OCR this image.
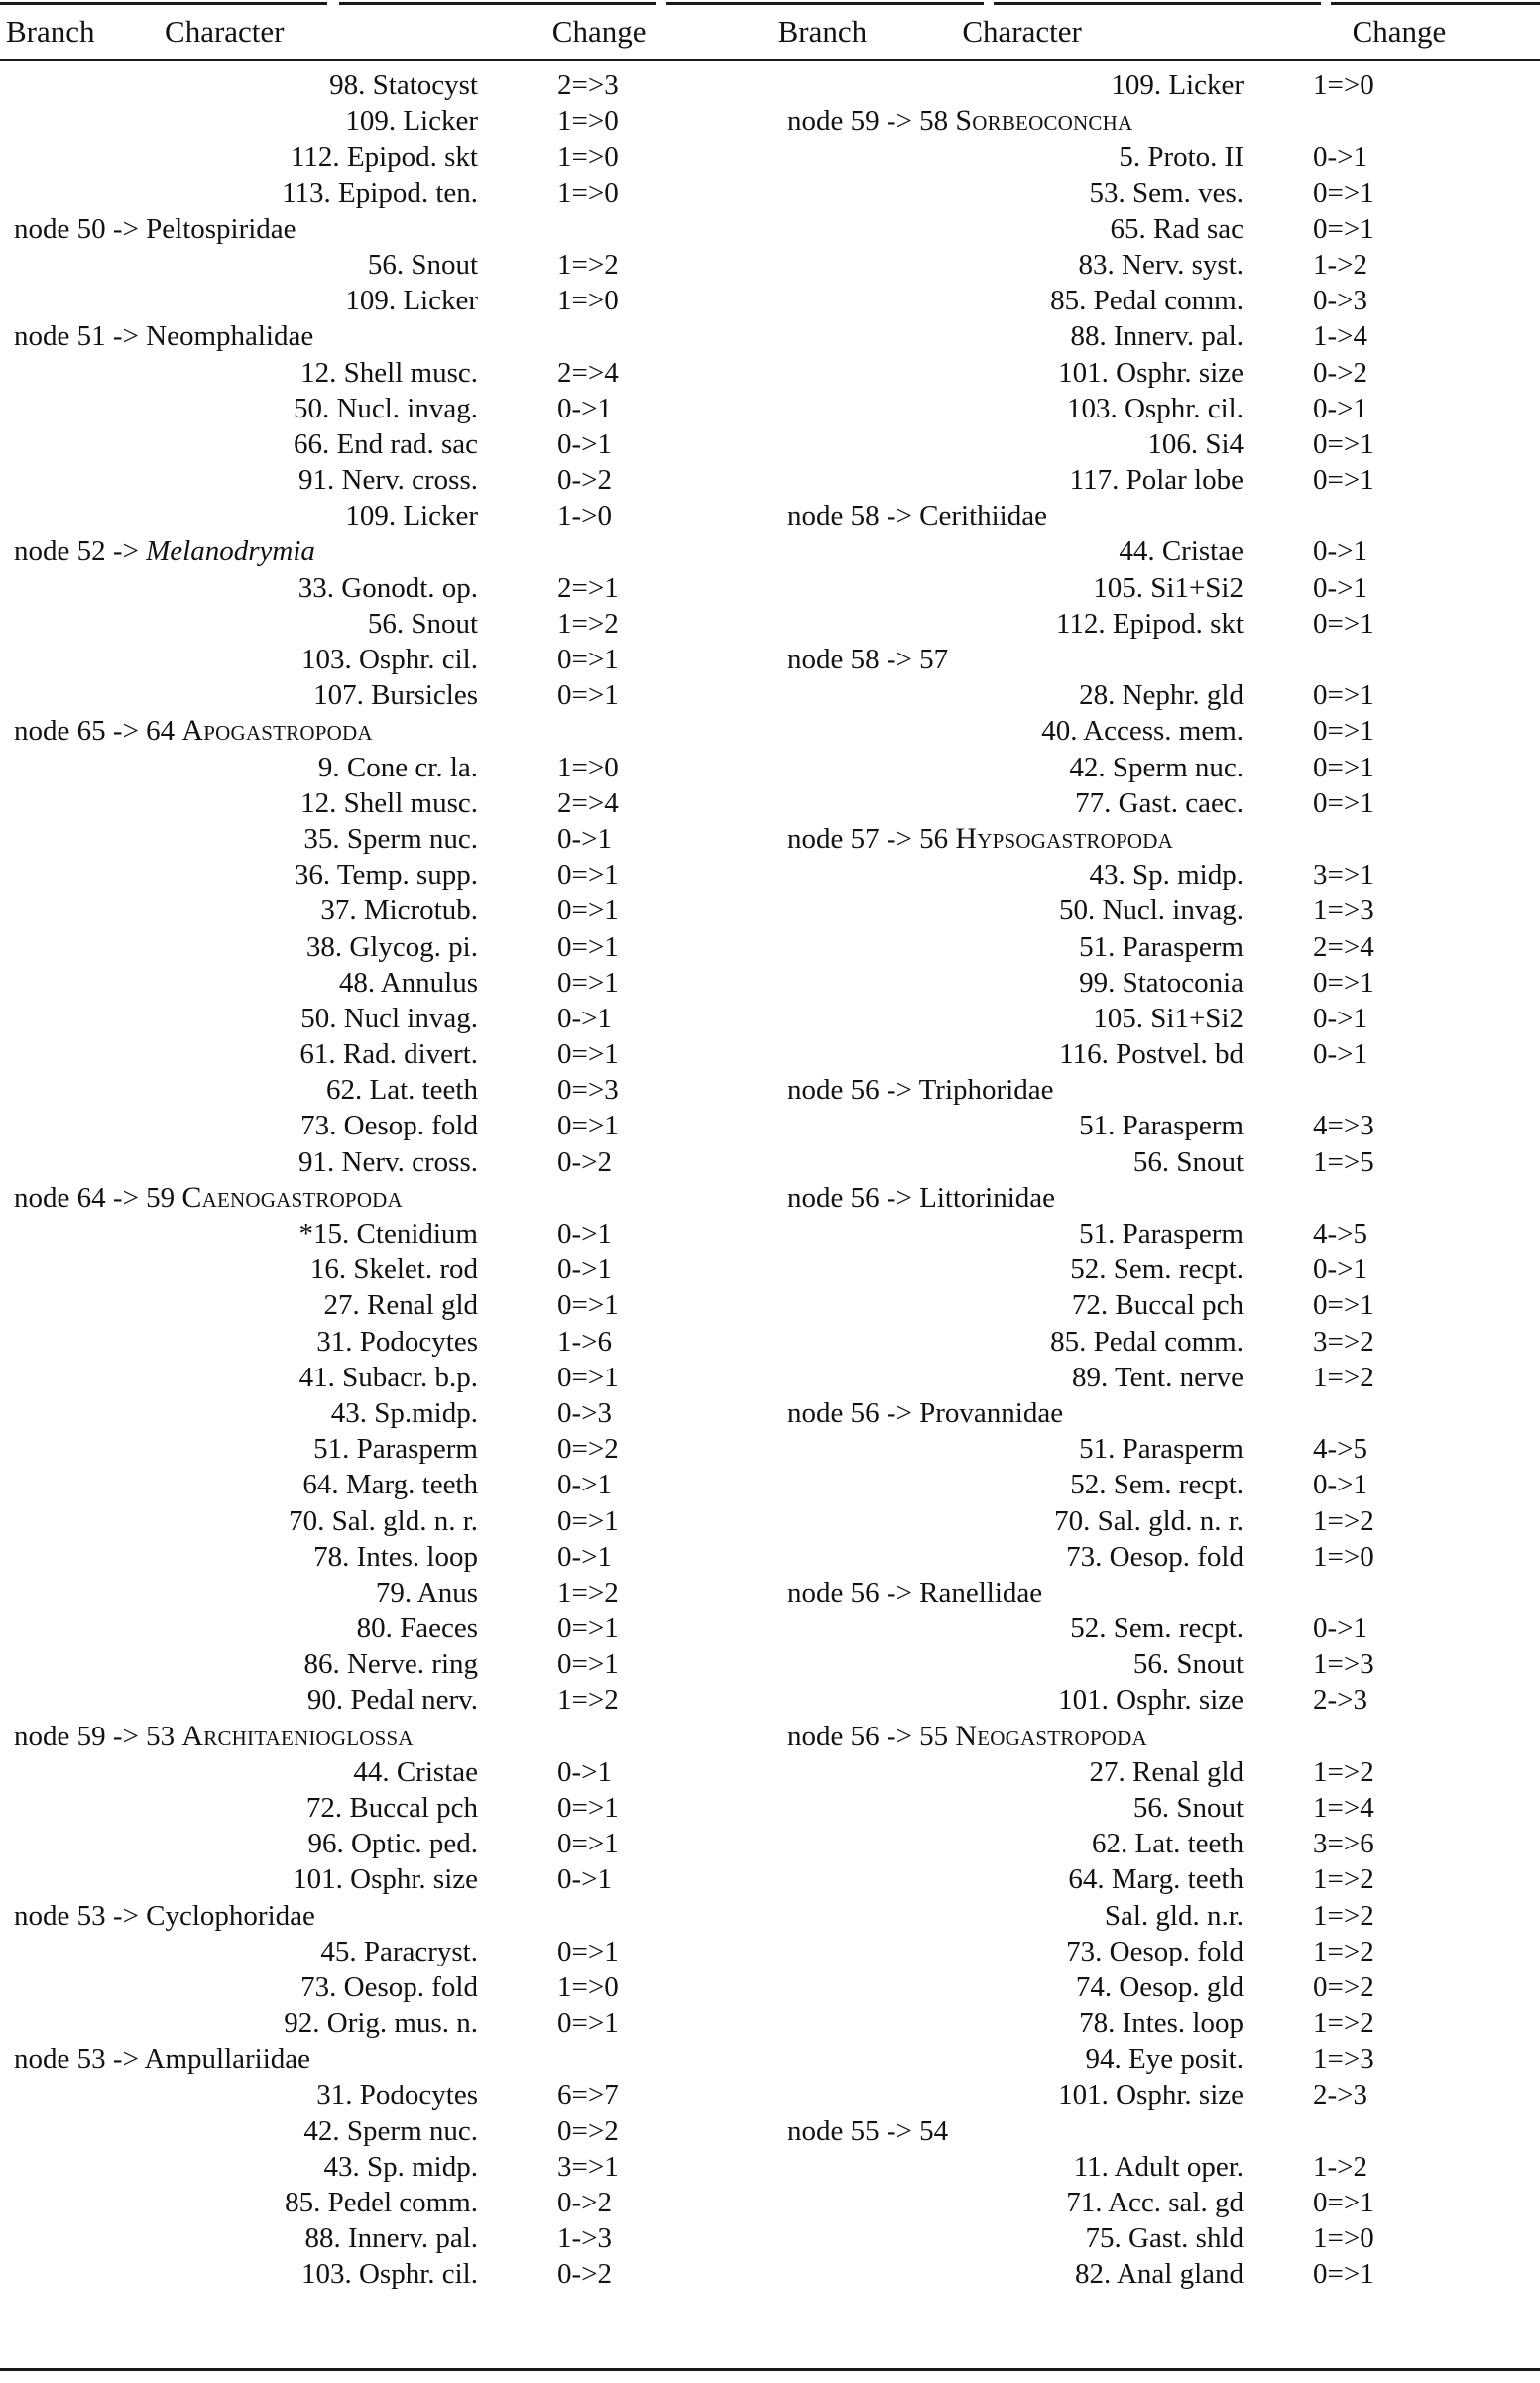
Branch	Character	Change	Branch	Character	Change
98. Statocyst	2=>3
109. Licker	1=>0
112. Epipod. skt	1=>0
113. Epipod. ten.	1=>0
node 50 -> Peltospiridae
56. Snout	1=>2
109. Licker	1=>0
node 51 -> Neomphalidae
12. Shell musc.	2=>4
50. Nucl. invag.	0->1
66. End rad. sac	0->1
91. Nerv. cross.	0->2
109. Licker	1->0
node 52 -> Melanodrymia
33. Gonodt. op.	2=>1
56. Snout	1=>2
103. Osphr. cil.	0=>1
107. Bursicles	0=>1
node 65 -> 64 Apogastropoda
9. Cone cr. la.	1=>0
12. Shell musc.	2=>4
35. Sperm nuc.	0->1
36. Temp. supp.	0=>1
37. Microtub.	0=>1
38. Glycog. pi.	0=>1
48. Annulus	0=>1
50. Nucl invag.	0->1
61. Rad. divert.	0=>1
62. Lat. teeth	0=>3
73. Oesop. fold	0=>1
91. Nerv. cross.	0->2
node 64 -> 59 Caenogastropoda
*15. Ctenidium	0->1
16. Skelet. rod	0->1
27. Renal gld	0=>1
31. Podocytes	1->6
41. Subacr. b.p.	0=>1
43. Sp.midp.	0->3
51. Parasperm	0=>2
64. Marg. teeth	0->1
70. Sal. gld. n. r.	0=>1
78. Intes. loop	0->1
79. Anus	1=>2
80. Faeces	0=>1
86. Nerve. ring	0=>1
90. Pedal nerv.	1=>2
node 59 -> 53 Architaenioglossa
44. Cristae	0->1
72. Buccal pch	0=>1
96. Optic. ped.	0=>1
101. Osphr. size	0->1
node 53 -> Cyclophoridae
45. Paracryst.	0=>1
73. Oesop. fold	1=>0
92. Orig. mus. n.	0=>1
node 53 -> Ampullariidae
31. Podocytes	6=>7
42. Sperm nuc.	0=>2
43. Sp. midp.	3=>1
85. Pedel comm.	0->2
88. Innerv. pal.	1->3
103. Osphr. cil.	0->2
109. Licker	1=>0
node 59 -> 58 Sorbeoconcha
5. Proto. II	0->1
53. Sem. ves.	0=>1
65. Rad sac	0=>1
83. Nerv. syst.	1->2
85. Pedal comm.	0->3
88. Innerv. pal.	1->4
101. Osphr. size	0->2
103. Osphr. cil.	0->1
106. Si4	0=>1
117. Polar lobe	0=>1
node 58 -> Cerithiidae
44. Cristae	0->1
105. Si1+Si2	0->1
112. Epipod. skt	0=>1
node 58 -> 57
28. Nephr. gld	0=>1
40. Access. mem.	0=>1
42. Sperm nuc.	0=>1
77. Gast. caec.	0=>1
node 57 -> 56 Hypsogastropoda
43. Sp. midp.	3=>1
50. Nucl. invag.	1=>3
51. Parasperm	2=>4
99. Statoconia	0=>1
105. Si1+Si2	0->1
116. Postvel. bd	0->1
node 56 -> Triphoridae
51. Parasperm	4=>3
56. Snout	1=>5
node 56 -> Littorinidae
51. Parasperm	4->5
52. Sem. recpt.	0->1
72. Buccal pch	0=>1
85. Pedal comm.	3=>2
89. Tent. nerve	1=>2
node 56 -> Provannidae
51. Parasperm	4->5
52. Sem. recpt.	0->1
70. Sal. gld. n. r.	1=>2
73. Oesop. fold	1=>0
node 56 -> Ranellidae
52. Sem. recpt.	0->1
56. Snout	1=>3
101. Osphr. size	2->3
node 56 -> 55 Neogastropoda
27. Renal gld	1=>2
56. Snout	1=>4
62. Lat. teeth	3=>6
64. Marg. teeth	1=>2
Sal. gld. n.r.	1=>2
73. Oesop. fold	1=>2
74. Oesop. gld	0=>2
78. Intes. loop	1=>2
94. Eye posit.	1=>3
101. Osphr. size	2->3
node 55 -> 54
11. Adult oper.	1->2
71. Acc. sal. gd	0=>1
75. Gast. shld	1=>0
82. Anal gland	0=>1
